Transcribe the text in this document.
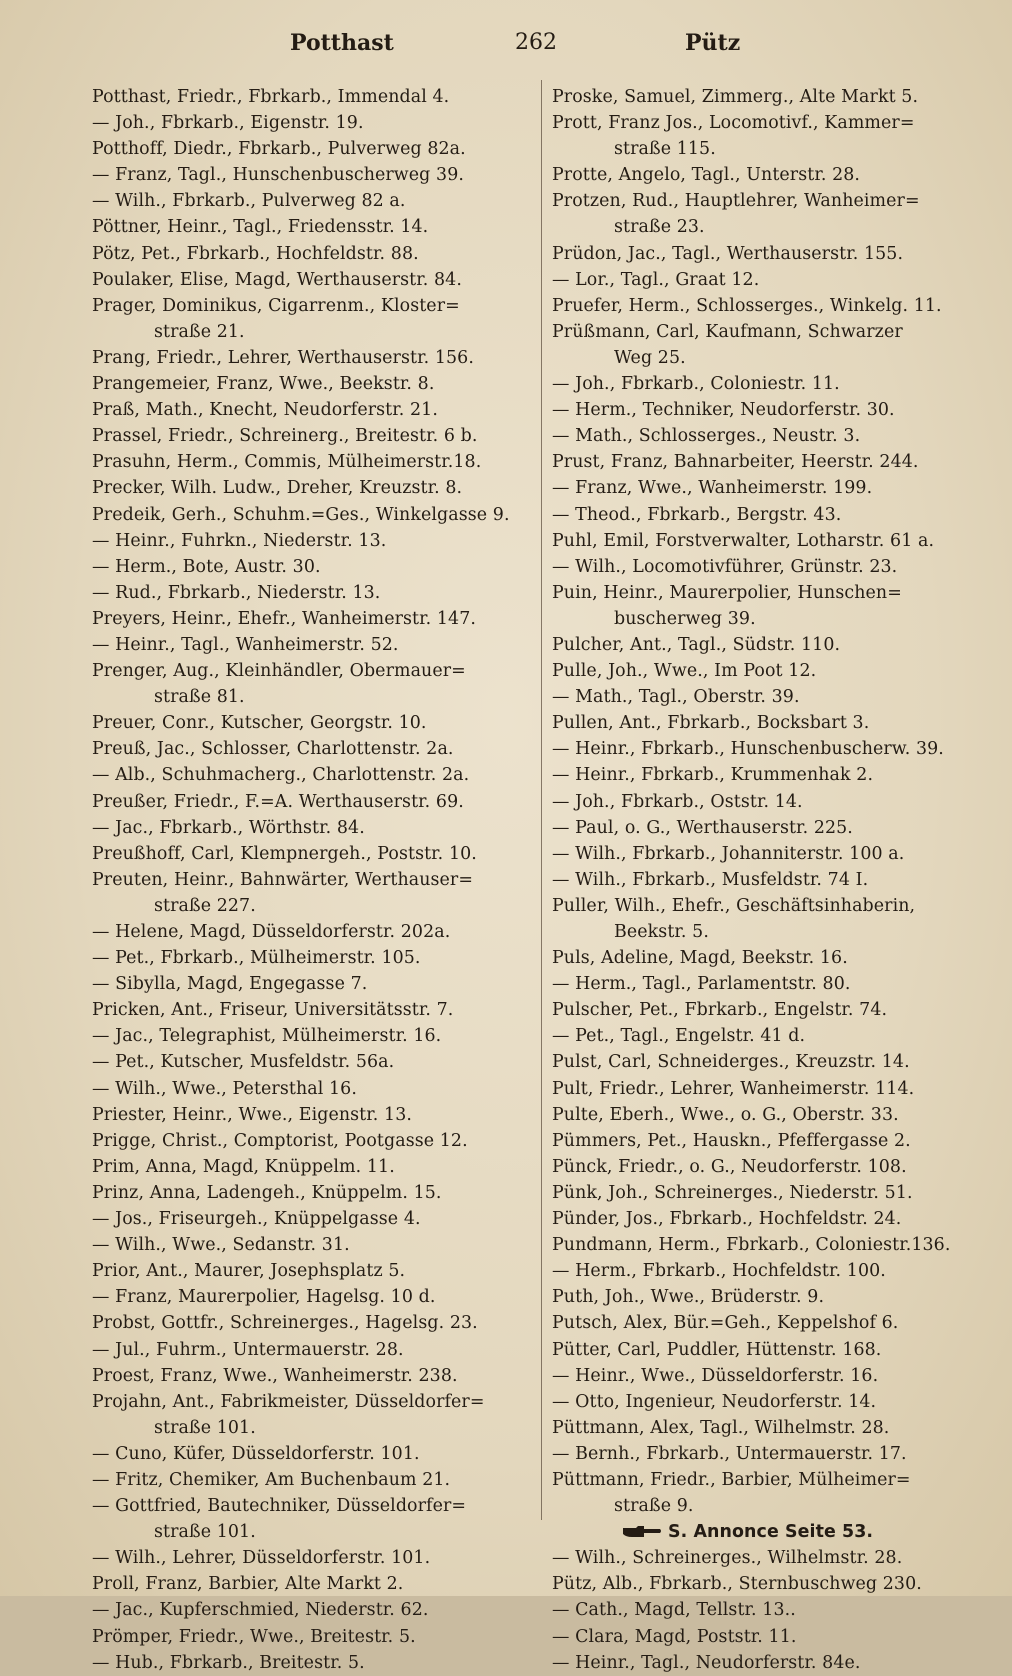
Potthast	262	Pütz
Potthast, Friedr., Fbrkarb., Immendal 4.
— Joh., Fbrkarb., Eigenstr. 19.
Potthoff, Diedr., Fbrkarb., Pulverweg 82a.
— Franz, Tagl., Hunschenbuscherweg 39.
— Wilh., Fbrkarb., Pulverweg 82 a.
Pöttner, Heinr., Tagl., Friedensstr. 14.
Pötz, Pet., Fbrkarb., Hochfeldstr. 88.
Poulaker, Elise, Magd, Werthauserstr. 84.
Prager, Dominikus, Cigarrenm., Kloster=
straße 21.
Prang, Friedr., Lehrer, Werthauserstr. 156.
Prangemeier, Franz, Wwe., Beekstr. 8.
Praß, Math., Knecht, Neudorferstr. 21.
Prassel, Friedr., Schreinerg., Breitestr. 6 b.
Prasuhn, Herm., Commis, Mülheimerstr.18.
Precker, Wilh. Ludw., Dreher, Kreuzstr. 8.
Predeik, Gerh., Schuhm.=Ges., Winkelgasse 9.
— Heinr., Fuhrkn., Niederstr. 13.
— Herm., Bote, Austr. 30.
— Rud., Fbrkarb., Niederstr. 13.
Preyers, Heinr., Ehefr., Wanheimerstr. 147.
— Heinr., Tagl., Wanheimerstr. 52.
Prenger, Aug., Kleinhändler, Obermauer=
straße 81.
Preuer, Conr., Kutscher, Georgstr. 10.
Preuß, Jac., Schlosser, Charlottenstr. 2a.
— Alb., Schuhmacherg., Charlottenstr. 2a.
Preußer, Friedr., F.=A. Werthauserstr. 69.
— Jac., Fbrkarb., Wörthstr. 84.
Preußhoff, Carl, Klempnergeh., Poststr. 10.
Preuten, Heinr., Bahnwärter, Werthauser=
straße 227.
— Helene, Magd, Düsseldorferstr. 202a.
— Pet., Fbrkarb., Mülheimerstr. 105.
— Sibylla, Magd, Engegasse 7.
Pricken, Ant., Friseur, Universitätsstr. 7.
— Jac., Telegraphist, Mülheimerstr. 16.
— Pet., Kutscher, Musfeldstr. 56a.
— Wilh., Wwe., Petersthal 16.
Priester, Heinr., Wwe., Eigenstr. 13.
Prigge, Christ., Comptorist, Pootgasse 12.
Prim, Anna, Magd, Knüppelm. 11.
Prinz, Anna, Ladengeh., Knüppelm. 15.
— Jos., Friseurgeh., Knüppelgasse 4.
— Wilh., Wwe., Sedanstr. 31.
Prior, Ant., Maurer, Josephsplatz 5.
— Franz, Maurerpolier, Hagelsg. 10 d.
Probst, Gottfr., Schreinerges., Hagelsg. 23.
— Jul., Fuhrm., Untermauerstr. 28.
Proest, Franz, Wwe., Wanheimerstr. 238.
Projahn, Ant., Fabrikmeister, Düsseldorfer=
straße 101.
— Cuno, Küfer, Düsseldorferstr. 101.
— Fritz, Chemiker, Am Buchenbaum 21.
— Gottfried, Bautechniker, Düsseldorfer=
straße 101.
— Wilh., Lehrer, Düsseldorferstr. 101.
Proll, Franz, Barbier, Alte Markt 2.
— Jac., Kupferschmied, Niederstr. 62.
Prömper, Friedr., Wwe., Breitestr. 5.
— Hub., Fbrkarb., Breitestr. 5.
Proske, Samuel, Zimmerg., Alte Markt 5.
Prott, Franz Jos., Locomotivf., Kammer=
straße 115.
Protte, Angelo, Tagl., Unterstr. 28.
Protzen, Rud., Hauptlehrer, Wanheimer=
straße 23.
Prüdon, Jac., Tagl., Werthauserstr. 155.
— Lor., Tagl., Graat 12.
Pruefer, Herm., Schlosserges., Winkelg. 11.
Prüßmann, Carl, Kaufmann, Schwarzer
Weg 25.
— Joh., Fbrkarb., Coloniestr. 11.
— Herm., Techniker, Neudorferstr. 30.
— Math., Schlosserges., Neustr. 3.
Prust, Franz, Bahnarbeiter, Heerstr. 244.
— Franz, Wwe., Wanheimerstr. 199.
— Theod., Fbrkarb., Bergstr. 43.
Puhl, Emil, Forstverwalter, Lotharstr. 61 a.
— Wilh., Locomotivführer, Grünstr. 23.
Puin, Heinr., Maurerpolier, Hunschen=
buscherweg 39.
Pulcher, Ant., Tagl., Südstr. 110.
Pulle, Joh., Wwe., Im Poot 12.
— Math., Tagl., Oberstr. 39.
Pullen, Ant., Fbrkarb., Bocksbart 3.
— Heinr., Fbrkarb., Hunschenbuscherw. 39.
— Heinr., Fbrkarb., Krummenhak 2.
— Joh., Fbrkarb., Oststr. 14.
— Paul, o. G., Werthauserstr. 225.
— Wilh., Fbrkarb., Johanniterstr. 100 a.
— Wilh., Fbrkarb., Musfeldstr. 74 I.
Puller, Wilh., Ehefr., Geschäftsinhaberin,
Beekstr. 5.
Puls, Adeline, Magd, Beekstr. 16.
— Herm., Tagl., Parlamentstr. 80.
Pulscher, Pet., Fbrkarb., Engelstr. 74.
— Pet., Tagl., Engelstr. 41 d.
Pulst, Carl, Schneiderges., Kreuzstr. 14.
Pult, Friedr., Lehrer, Wanheimerstr. 114.
Pulte, Eberh., Wwe., o. G., Oberstr. 33.
Pümmers, Pet., Hauskn., Pfeffergasse 2.
Pünck, Friedr., o. G., Neudorferstr. 108.
Pünk, Joh., Schreinerges., Niederstr. 51.
Pünder, Jos., Fbrkarb., Hochfeldstr. 24.
Pundmann, Herm., Fbrkarb., Coloniestr.136.
— Herm., Fbrkarb., Hochfeldstr. 100.
Puth, Joh., Wwe., Brüderstr. 9.
Putsch, Alex, Bür.=Geh., Keppelshof 6.
Pütter, Carl, Puddler, Hüttenstr. 168.
— Heinr., Wwe., Düsseldorferstr. 16.
— Otto, Ingenieur, Neudorferstr. 14.
Püttmann, Alex, Tagl., Wilhelmstr. 28.
— Bernh., Fbrkarb., Untermauerstr. 17.
Püttmann, Friedr., Barbier, Mülheimer=
straße 9.
S. Annonce Seite 53.
— Wilh., Schreinerges., Wilhelmstr. 28.
Pütz, Alb., Fbrkarb., Sternbuschweg 230.
— Cath., Magd, Tellstr. 13..
— Clara, Magd, Poststr. 11.
— Heinr., Tagl., Neudorferstr. 84e.
